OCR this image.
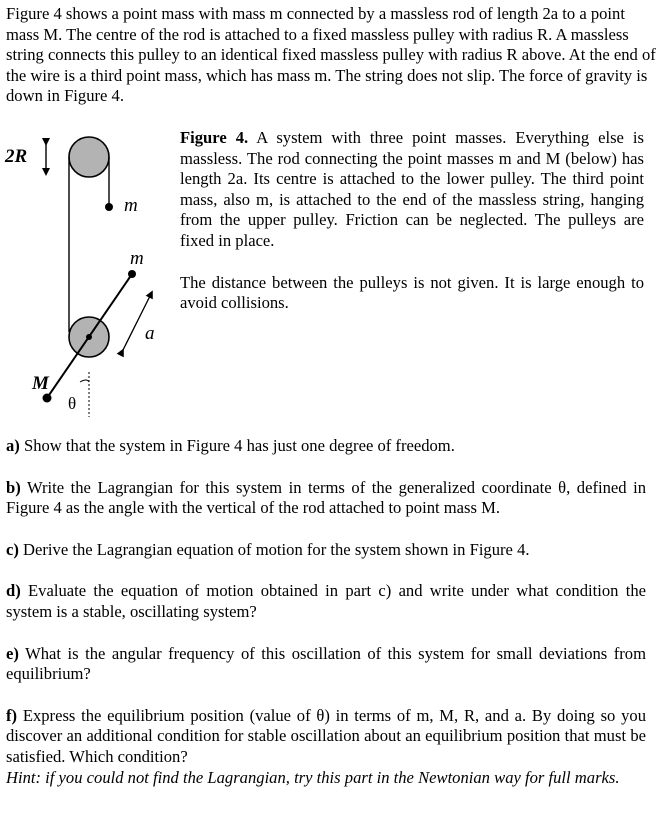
Figure 4 shows a point mass with mass m connected by a massless rod of length 2a to a point mass M. The centre of the rod is attached to a fixed massless pulley with radius R. A massless string connects this pulley to an identical fixed massless pulley with radius R above. At the end of the wire is a third point mass, which has mass m. The string does not slip. The force of gravity is down in Figure 4.

2R
m
m
a
M
θ

Figure 4. A system with three point masses. Everything else is massless. The rod connecting the point masses m and M (below) has length 2a. Its centre is attached to the lower pulley. The third point mass, also m, is attached to the end of the massless string, hanging from the upper pulley. Friction can be neglected. The pulleys are fixed in place.

The distance between the pulleys is not given. It is large enough to avoid collisions.

a) Show that the system in Figure 4 has just one degree of freedom.

b) Write the Lagrangian for this system in terms of the generalized coordinate θ, defined in Figure 4 as the angle with the vertical of the rod attached to point mass M.

c) Derive the Lagrangian equation of motion for the system shown in Figure 4.

d) Evaluate the equation of motion obtained in part c) and write under what condition the system is a stable, oscillating system?

e) What is the angular frequency of this oscillation of this system for small deviations from equilibrium?

f) Express the equilibrium position (value of θ) in terms of m, M, R, and a. By doing so you discover an additional condition for stable oscillation about an equilibrium position that must be satisfied. Which condition?

Hint: if you could not find the Lagrangian, try this part in the Newtonian way for full marks.
